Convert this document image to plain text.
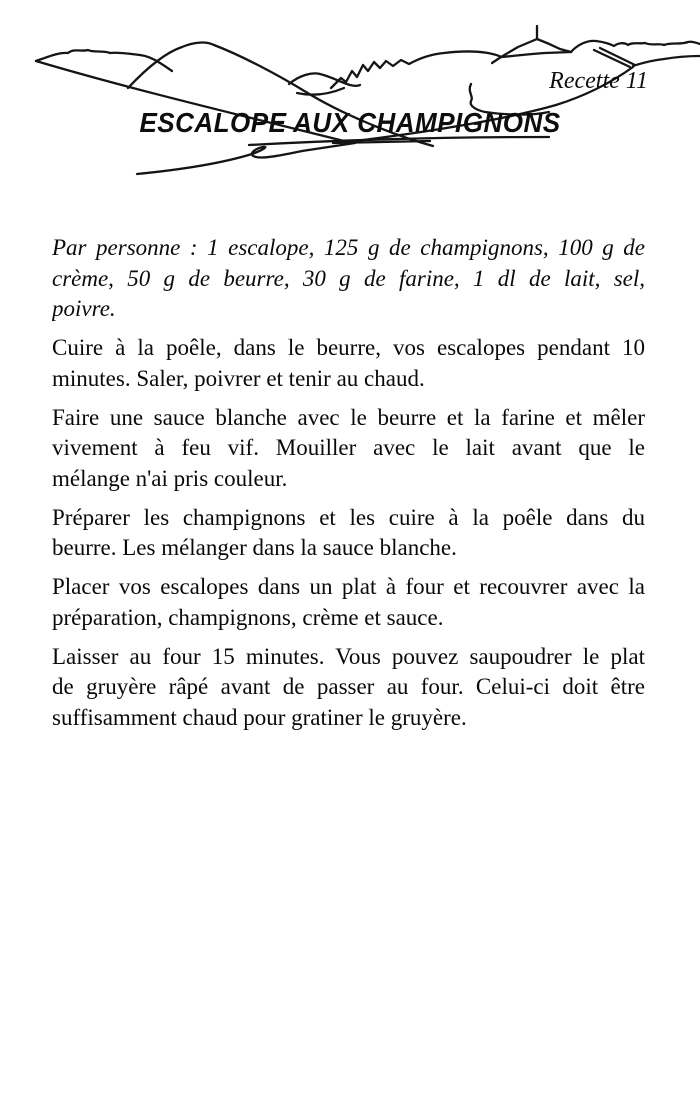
Recette 11
ESCALOPE AUX CHAMPIGNONS

Par personne : 1 escalope, 125 g de champignons, 100 g de
crème, 50 g de beurre, 30 g de farine, 1 dl de lait, sel,
poivre.

Cuire à la poêle, dans le beurre, vos escalopes pendant 10
minutes. Saler, poivrer et tenir au chaud.

Faire une sauce blanche avec le beurre et la farine et mêler
vivement à feu vif. Mouiller avec le lait avant que le
mélange n'ai pris couleur.

Préparer les champignons et les cuire à la poêle dans du
beurre. Les mélanger dans la sauce blanche.

Placer vos escalopes dans un plat à four et recouvrer avec la
préparation, champignons, crème et sauce.

Laisser au four 15 minutes. Vous pouvez saupoudrer le plat
de gruyère râpé avant de passer au four. Celui-ci doit être
suffisamment chaud pour gratiner le gruyère.
